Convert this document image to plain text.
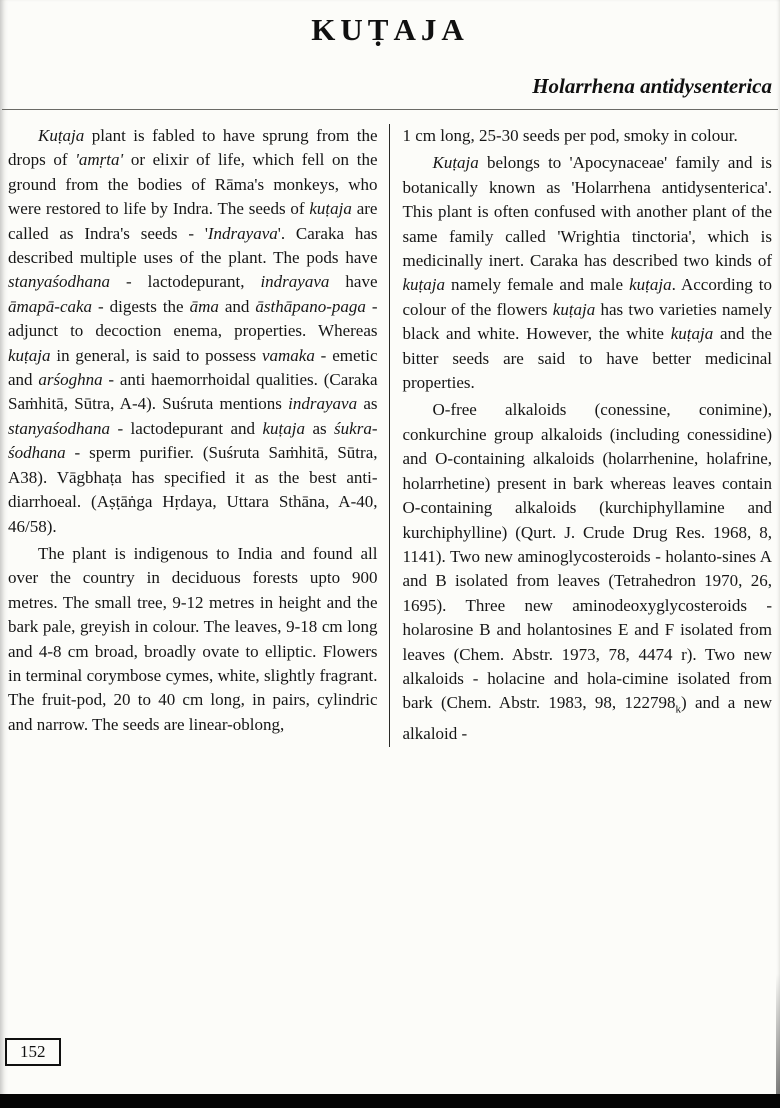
KUṬAJA
Holarrhena antidysenterica

Kuṭaja plant is fabled to have sprung from the drops of 'amṛta' or elixir of life, which fell on the ground from the bodies of Rāma's monkeys, who were restored to life by Indra. The seeds of kuṭaja are called as Indra's seeds - 'Indrayava'. Caraka has described multiple uses of the plant. The pods have stanyaśodhana - lactodepurant, indrayava have āmapā-caka - digests the āma and āsthāpano-paga - adjunct to decoction enema, properties. Whereas kuṭaja in general, is said to possess vamaka - emetic and arśoghna - anti haemorrhoidal qualities. (Caraka Saṁhitā, Sūtra, A-4). Suśruta mentions indrayava as stanyaśodhana - lactodepurant and kuṭaja as śukra-śodhana - sperm purifier. (Suśruta Saṁhitā, Sūtra, A38). Vāgbhaṭa has specified it as the best anti-diarrhoeal. (Aṣṭāṅga Hṛdaya, Uttara Sthāna, A-40, 46/58).

The plant is indigenous to India and found all over the country in deciduous forests upto 900 metres. The small tree, 9-12 metres in height and the bark pale, greyish in colour. The leaves, 9-18 cm long and 4-8 cm broad, broadly ovate to elliptic. Flowers in terminal corymbose cymes, white, slightly fragrant. The fruit-pod, 20 to 40 cm long, in pairs, cylindric and narrow. The seeds are linear-oblong,

1 cm long, 25-30 seeds per pod, smoky in colour.

Kuṭaja belongs to 'Apocynaceae' family and is botanically known as 'Holarrhena antidysenterica'. This plant is often confused with another plant of the same family called 'Wrightia tinctoria', which is medicinally inert. Caraka has described two kinds of kuṭaja namely female and male kuṭaja. According to colour of the flowers kuṭaja has two varieties namely black and white. However, the white kuṭaja and the bitter seeds are said to have better medicinal properties.

O-free alkaloids (conessine, conimine), conkurchine group alkaloids (including conessidine) and O-containing alkaloids (holarrhenine, holafrine, holarrhetine) present in bark whereas leaves contain O-containing alkaloids (kurchiphyllamine and kurchiphylline) (Qurt. J. Crude Drug Res. 1968, 8, 1141). Two new aminoglycosteroids - holanto-sines A and B isolated from leaves (Tetrahedron 1970, 26, 1695). Three new aminodeoxyglycosteroids - holarosine B and holantosines E and F isolated from leaves (Chem. Abstr. 1973, 78, 4474 r). Two new alkaloids - holacine and hola-cimine isolated from bark (Chem. Abstr. 1983, 98, $122798_k$) and a new alkaloid -

152
